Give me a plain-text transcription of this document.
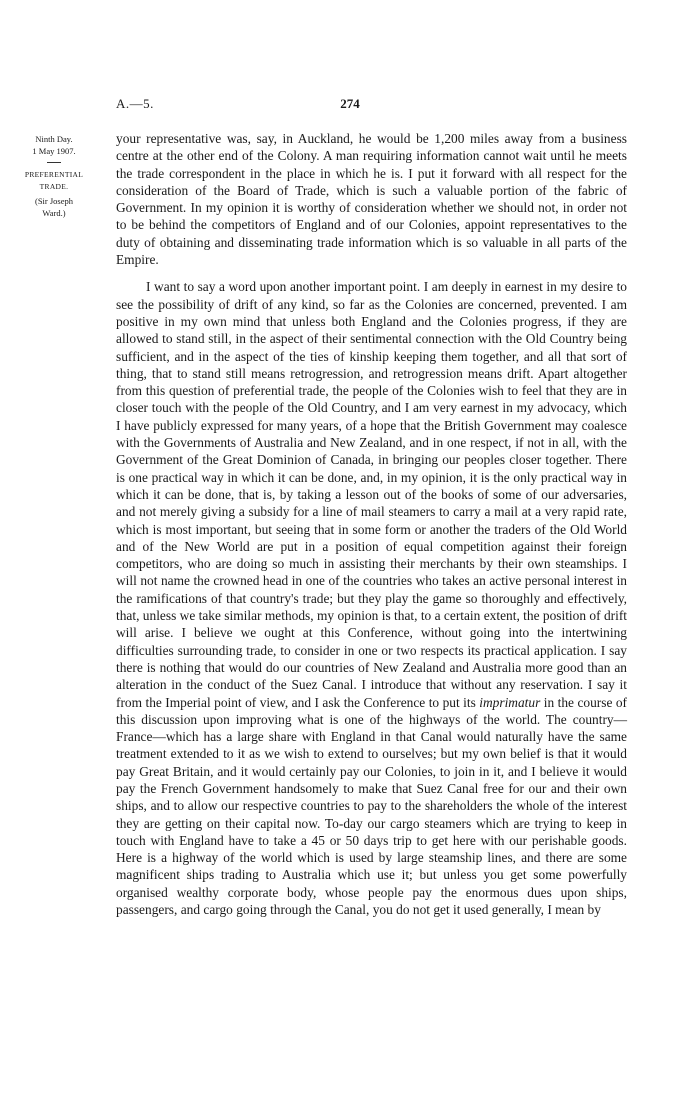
A.—5.	274
Ninth Day.
1 May 1907.
PREFERENTIAL
TRADE.
(Sir Joseph
Ward.)

your representative was, say, in Auckland, he would be 1,200 miles away from a business centre at the other end of the Colony. A man requiring information cannot wait until he meets the trade correspondent in the place in which he is. I put it forward with all respect for the consideration of the Board of Trade, which is such a valuable portion of the fabric of Government. In my opinion it is worthy of consideration whether we should not, in order not to be behind the competitors of England and of our Colonies, appoint representatives to the duty of obtaining and disseminating trade information which is so valuable in all parts of the Empire.

I want to say a word upon another important point. I am deeply in earnest in my desire to see the possibility of drift of any kind, so far as the Colonies are concerned, prevented. I am positive in my own mind that unless both England and the Colonies progress, if they are allowed to stand still, in the aspect of their sentimental connection with the Old Country being sufficient, and in the aspect of the ties of kinship keeping them together, and all that sort of thing, that to stand still means retrogression, and retrogression means drift. Apart altogether from this question of preferential trade, the people of the Colonies wish to feel that they are in closer touch with the people of the Old Country, and I am very earnest in my advocacy, which I have publicly expressed for many years, of a hope that the British Government may coalesce with the Governments of Australia and New Zealand, and in one respect, if not in all, with the Government of the Great Dominion of Canada, in bringing our peoples closer together. There is one practical way in which it can be done, and, in my opinion, it is the only practical way in which it can be done, that is, by taking a lesson out of the books of some of our adversaries, and not merely giving a subsidy for a line of mail steamers to carry a mail at a very rapid rate, which is most important, but seeing that in some form or another the traders of the Old World and of the New World are put in a position of equal competition against their foreign competitors, who are doing so much in assisting their merchants by their own steamships. I will not name the crowned head in one of the countries who takes an active personal interest in the ramifications of that country's trade; but they play the game so thoroughly and effectively, that, unless we take similar methods, my opinion is that, to a certain extent, the position of drift will arise. I believe we ought at this Conference, without going into the intertwining difficulties surrounding trade, to consider in one or two respects its practical application. I say there is nothing that would do our countries of New Zealand and Australia more good than an alteration in the conduct of the Suez Canal. I introduce that without any reservation. I say it from the Imperial point of view, and I ask the Conference to put its imprimatur in the course of this discussion upon improving what is one of the highways of the world. The country—France—which has a large share with England in that Canal would naturally have the same treatment extended to it as we wish to extend to ourselves; but my own belief is that it would pay Great Britain, and it would certainly pay our Colonies, to join in it, and I believe it would pay the French Government handsomely to make that Suez Canal free for our and their own ships, and to allow our respective countries to pay to the shareholders the whole of the interest they are getting on their capital now. To-day our cargo steamers which are trying to keep in touch with England have to take a 45 or 50 days trip to get here with our perishable goods. Here is a highway of the world which is used by large steamship lines, and there are some magnificent ships trading to Australia which use it; but unless you get some powerfully organised wealthy corporate body, whose people pay the enormous dues upon ships, passengers, and cargo going through the Canal, you do not get it used generally, I mean by
